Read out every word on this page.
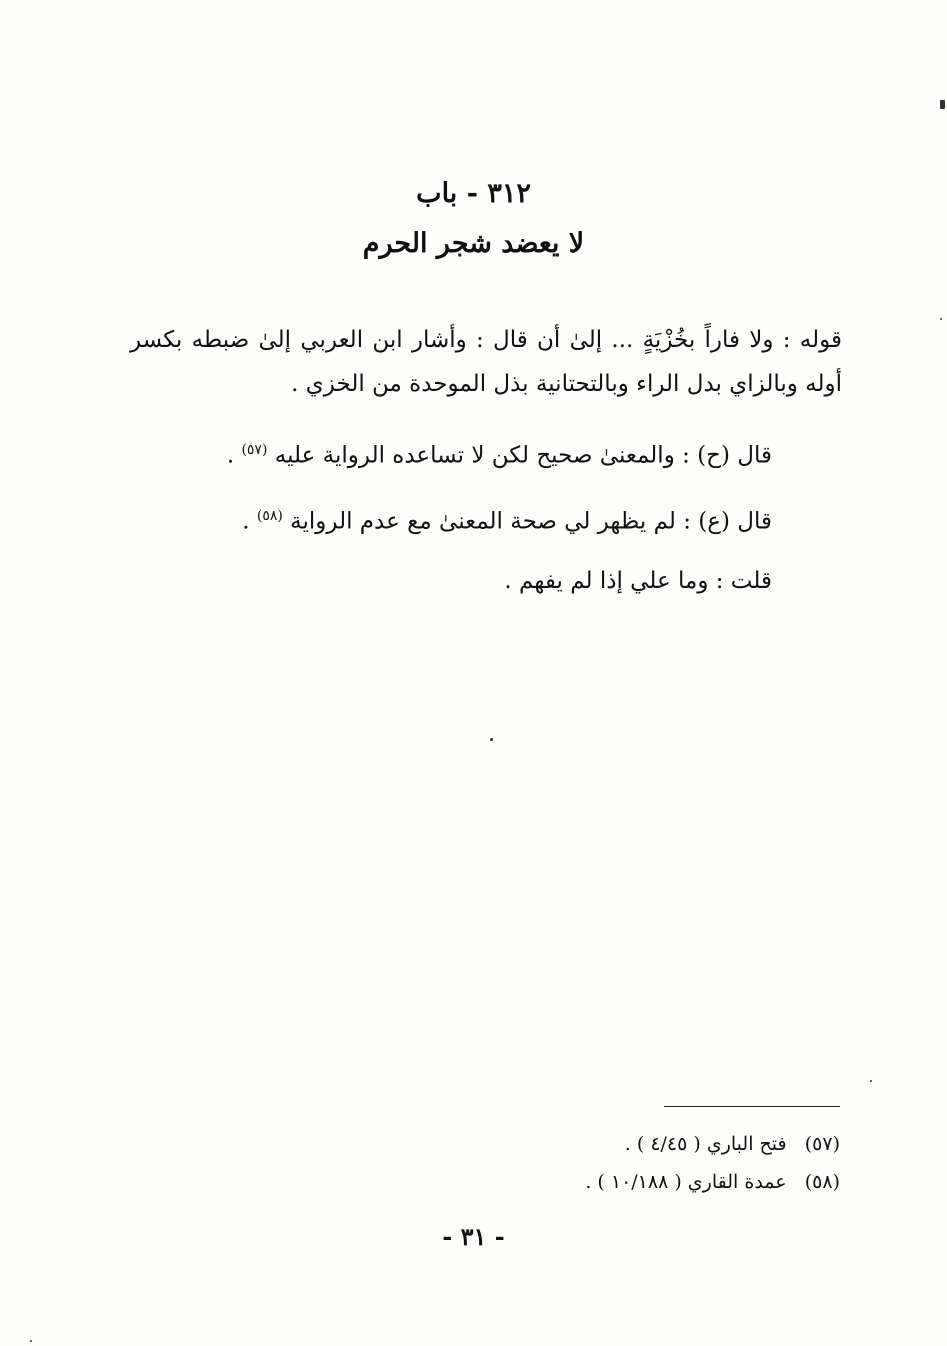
٣١٢ - باب
لا يعضد شجر الحرم

قوله : ولا فاراً بخُزْيَةٍ ... إلىٰ أن قال : وأشار ابن العربي إلىٰ ضبطه بكسر أوله وبالزاي بدل الراء وبالتحتانية بذل الموحدة من الخزي .

قال (ح) : والمعنىٰ صحيح لكن لا تساعده الرواية عليه $^{(٥٧)}$ .

قال (ع) : لم يظهر لي صحة المعنىٰ مع عدم الرواية $^{(٥٨)}$ .

قلت : وما علي إذا لم يفهم .

(٥٧)   فتح الباري ( ٤/٤٥ ) .

(٥٨)   عمدة القاري ( ١٠/١٨٨ ) .

- ٣١ -
